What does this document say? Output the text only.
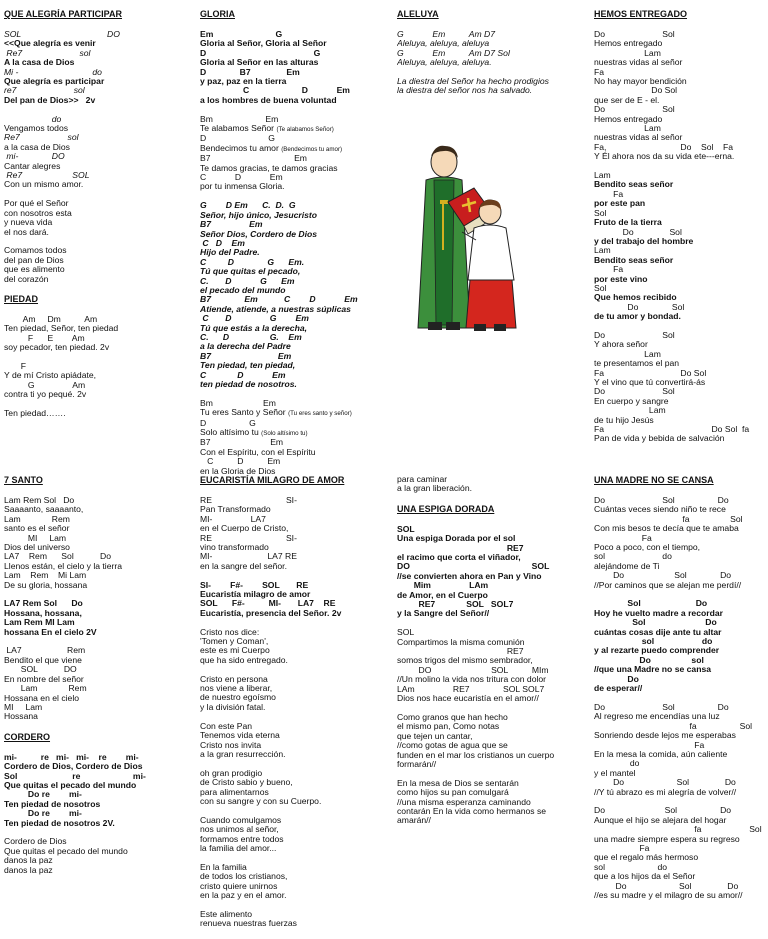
QUE ALEGRÍA PARTICIPAR
SOL                                    DO
<<Que alegría es venir
Re7                        sol
A la casa de Dios
Mi -                               do
Que alegría es participar
re7                        sol
Del pan de Dios>>   2v
do
Vengamos todos
Re7                    sol
a la casa de Dios
mi-              DO
Cantar alegres
Re7                     SOL
Con un mismo amor.
Por qué el Señor
con nosotros esta
y nueva vida
el nos dará.
Comamos todos
del pan de Dios
que es alimento
del corazón
PIEDAD
Am     Dm          Am
Ten piedad, Señor, ten piedad
F      E        Am
soy pecador, ten piedad. 2v
F
Y de mí Cristo apiádate,
G                Am
contra ti yo pequé. 2v
Ten piedad…….
GLORIA
Em                          G
Gloria al Señor, Gloria al Señor
D                                             G
Gloria al Señor en las alturas
D              B7               Em
y paz, paz en la tierra
C                      D            Em
a los hombres de buena voluntad
Bm                      Em
Te alabamos Señor (Te alabamos Señor)
D                          G
Bendecimos tu amor (Bendecimos tu amor)
B7                                   Em
Te damos gracias, te damos gracias
C            D            Em
por tu inmensa Gloria.
G        D Em      C.  D.  G
Señor, hijo único, Jesucristo
B7                Em
Señor Dios, Cordero de Dios
C   D    Em
Hijo del Padre.
C         D              G      Em.
Tú que quitas el pecado,
C.       D            G      Em
el pecado del mundo
B7              Em           C        D            Em
Atiende, atiende, a nuestras súplicas
C       D                G        Em
Tú que estás a la derecha,
C.      D                 G.    Em
a la derecha del Padre
B7                            Em
Ten piedad, ten piedad,
C             D            Em
ten piedad de nosotros.
Bm                     Em
Tu eres Santo y Señor (Tu eres santo y señor)
D                  G
Solo altísimo tu (Solo altísimo tu)
B7                         Em
Con el Espíritu, con el Espíritu
C          D          Em
en la Gloria de Dios
ALELUYA
G            Em          Am D7
Aleluya, aleluya, aleluya
G            Em          Am D7 Sol
Aleluya, aleluya, aleluya.
La diestra del Señor ha hecho prodigios
la diestra del señor nos ha salvado.
HEMOS ENTREGADO
Do                        Sol
Hemos entregado
Lam
nuestras vidas al señor
Fa
No hay mayor bendición
Do Sol
que ser de E - el.
Do                        Sol
Hemos entregado
Lam
nuestras vidas al señor
Fa,                               Do    Sol    Fa
Y Él ahora nos da su vida ete---erna.
Lam
Bendito seas señor
Fa
por este pan
Sol
Fruto de la tierra
Do               Sol
y del trabajo del hombre
Lam
Bendito seas señor
Fa
por este vino
Sol
Que hemos recibido
Do              Sol
de tu amor y bondad.
Do                        Sol
Y ahora señor
Lam
te presentamos el pan
Fa                                Do Sol
Y el vino que tú convertirá-ás
Do                        Sol
En cuerpo y sangre
Lam
de tu hijo Jesús
Fa                                             Do Sol  fa
Pan de vida y bebida de salvación
7 SANTO
Lam Rem Sol   Do
Saaaanto, saaaanto,
Lam             Rem
santo es el señor
MI     Lam
Dios del universo
LA7    Rem      Sol           Do
Llenos están, el cielo y la tierra
Lam    Rem    Mi Lam
De su gloria, hossana
LA7 Rem Sol      Do
Hossana, hossana,
Lam Rem MI Lam
hossana En el cielo 2V
LA7                   Rem
Bendito el que viene
SOL           DO
En nombre del señor
Lam             Rem
Hossana en el cielo
MI     Lam
Hossana
CORDERO
mi-          re   mi-   mi-    re        mi-
Cordero de Dios, Cordero de Dios
Sol                       re                      mi-
Que quitas el pecado del mundo
Do re        mi-
Ten piedad de nosotros
Do re        mi-
Ten piedad de nosotros 2V.
Cordero de Dios
Que quitas el pecado del mundo
danos la paz
danos la paz
EUCARISTÍA MILAGRO DE AMOR
RE                               SI-
Pan Transformado
MI-                LA7
en el Cuerpo de Cristo,
RE                               SI-
vino transformado
MI-                       LA7 RE
en la sangre del señor.
SI-        F#-        SOL       RE
Eucaristía milagro de amor
SOL      F#-          MI-       LA7    RE
Eucaristía, presencia del Señor. 2v
Cristo nos dice:
'Tomen y Coman',
este es mi Cuerpo
que ha sido entregado.
Cristo en persona
nos viene a liberar,
de nuestro egoísmo
y la división fatal.
Con este Pan
Tenemos vida eterna
Cristo nos invita
a la gran resurrección.
oh gran prodigio
de Cristo sabio y bueno,
para alimentarnos
con su sangre y con su Cuerpo.
Cuando comulgamos
nos unimos al señor,
formamos entre todos
la familia del amor...
En la familia
de todos los cristianos,
cristo quiere unirnos
en la paz y en el amor.
Este alimento
renueva nuestras fuerzas
para caminar
a la gran liberación.
UNA ESPIGA DORADA
SOL
Una espiga Dorada por el sol
RE7
el racimo que corta el viñador,
DO                                                   SOL
//se convierten ahora en Pan y Vino
Mim                LAm
de Amor, en el Cuerpo
RE7             SOL   SOL7
y la Sangre del Señor//
SOL
Compartimos la misma comunión
RE7
somos trigos del mismo sembrador,
DO                         SOL          MIm
//Un molino la vida nos tritura con dolor
LAm                RE7              SOL SOL7
Dios nos hace eucaristía en el amor//
Como granos que han hecho
el mismo pan, Como notas
que tejen un cantar,
//como gotas de agua que se
funden en el mar los cristianos un cuerpo
formarán//
En la mesa de Dios se sentarán
como hijos su pan comulgará
//una misma esperanza caminando
contarán En la vida como hermanos se
amarán//
UNA MADRE NO SE CANSA
Do                        Sol                  Do
Cuántas veces siendo niño te rece
fa                 Sol
Con mis besos te decía que te amaba
Fa
Poco a poco, con el tiempo,
sol                        do
alejándome de Ti
Do                     Sol              Do
//Por caminos que se alejan me perdí//
Sol                       Do
Hoy he vuelto madre a recordar
Sol                         Do
cuántas cosas dije ante tu altar
sol                    do
y al rezarte puedo comprender
Do                 sol
//que una Madre no se cansa
Do
de esperar//
Do                        Sol                  Do
Al regreso me encendías una luz
fa                  Sol
Sonriendo desde lejos me esperabas
Fa
En la mesa la comida, aún caliente
do
y el mantel
Do                      Sol               Do
//Y tú abrazo es mi alegría de volver//
Do                         Sol                  Do
Aunque el hijo se alejara del hogar
fa                    Sol
una madre siempre espera su regreso
Fa
que el regalo más hermoso
sol                      do
que a los hijos da el Señor
Do                      Sol               Do
//es su madre y el milagro de su amor//
